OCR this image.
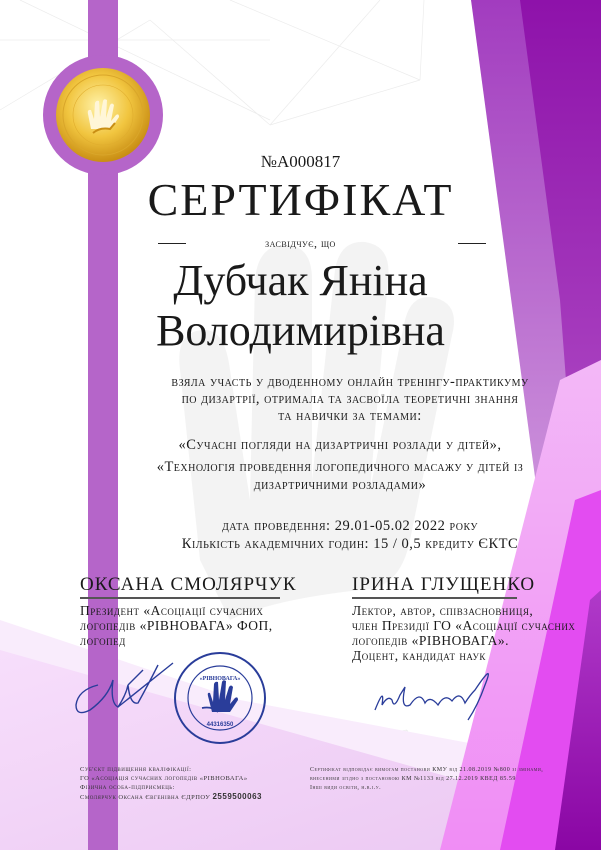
№A000817
СЕРТИФІКАТ
засвідчує, що
Дубчак Яніна
Володимирівна
взяла участь у дводенному онлайн тренінгу-практикуму
по дизартрії, отримала та засвоїла теоретичні знання
та навички за темами:
«Сучасні погляди на дизартричні розлади у дітей»,
«Технологія проведення логопедичного масажу у дітей із дизартричними розладами»
дата проведення: 29.01-05.02 2022 року
Кількість академічних годин: 15 / 0,5 кредиту ЄКТС
ОКСАНА СМОЛЯРЧУК
Президент «Асоціації сучасних
логопедів «РІВНОВАГА» ФОП,
логопед
ІРИНА ГЛУЩЕНКО
Лектор, автор, співзасновниця,
член Президії ГО «Асоціації сучасних
логопедів «РІВНОВАГА».
Доцент, кандидат наук
«РІВНОВАГА»
44316350
Суб'єкт підвищення кваліфікації:
ГО «Асоціація сучасних логопедів «РІВНОВАГА»
Фізична особа-підприємець:
Смолярчук Оксана Євгенівна ЄДРПОУ 2559500063
Сертифікат відповідає вимогам постанови КМУ від 21.08.2019 №800 зі змінами,
внесеними згідно з постановою КМ №1133 від 27.12.2019 КВЕД 85.59
Інші види освіти, н.в.і.у.
